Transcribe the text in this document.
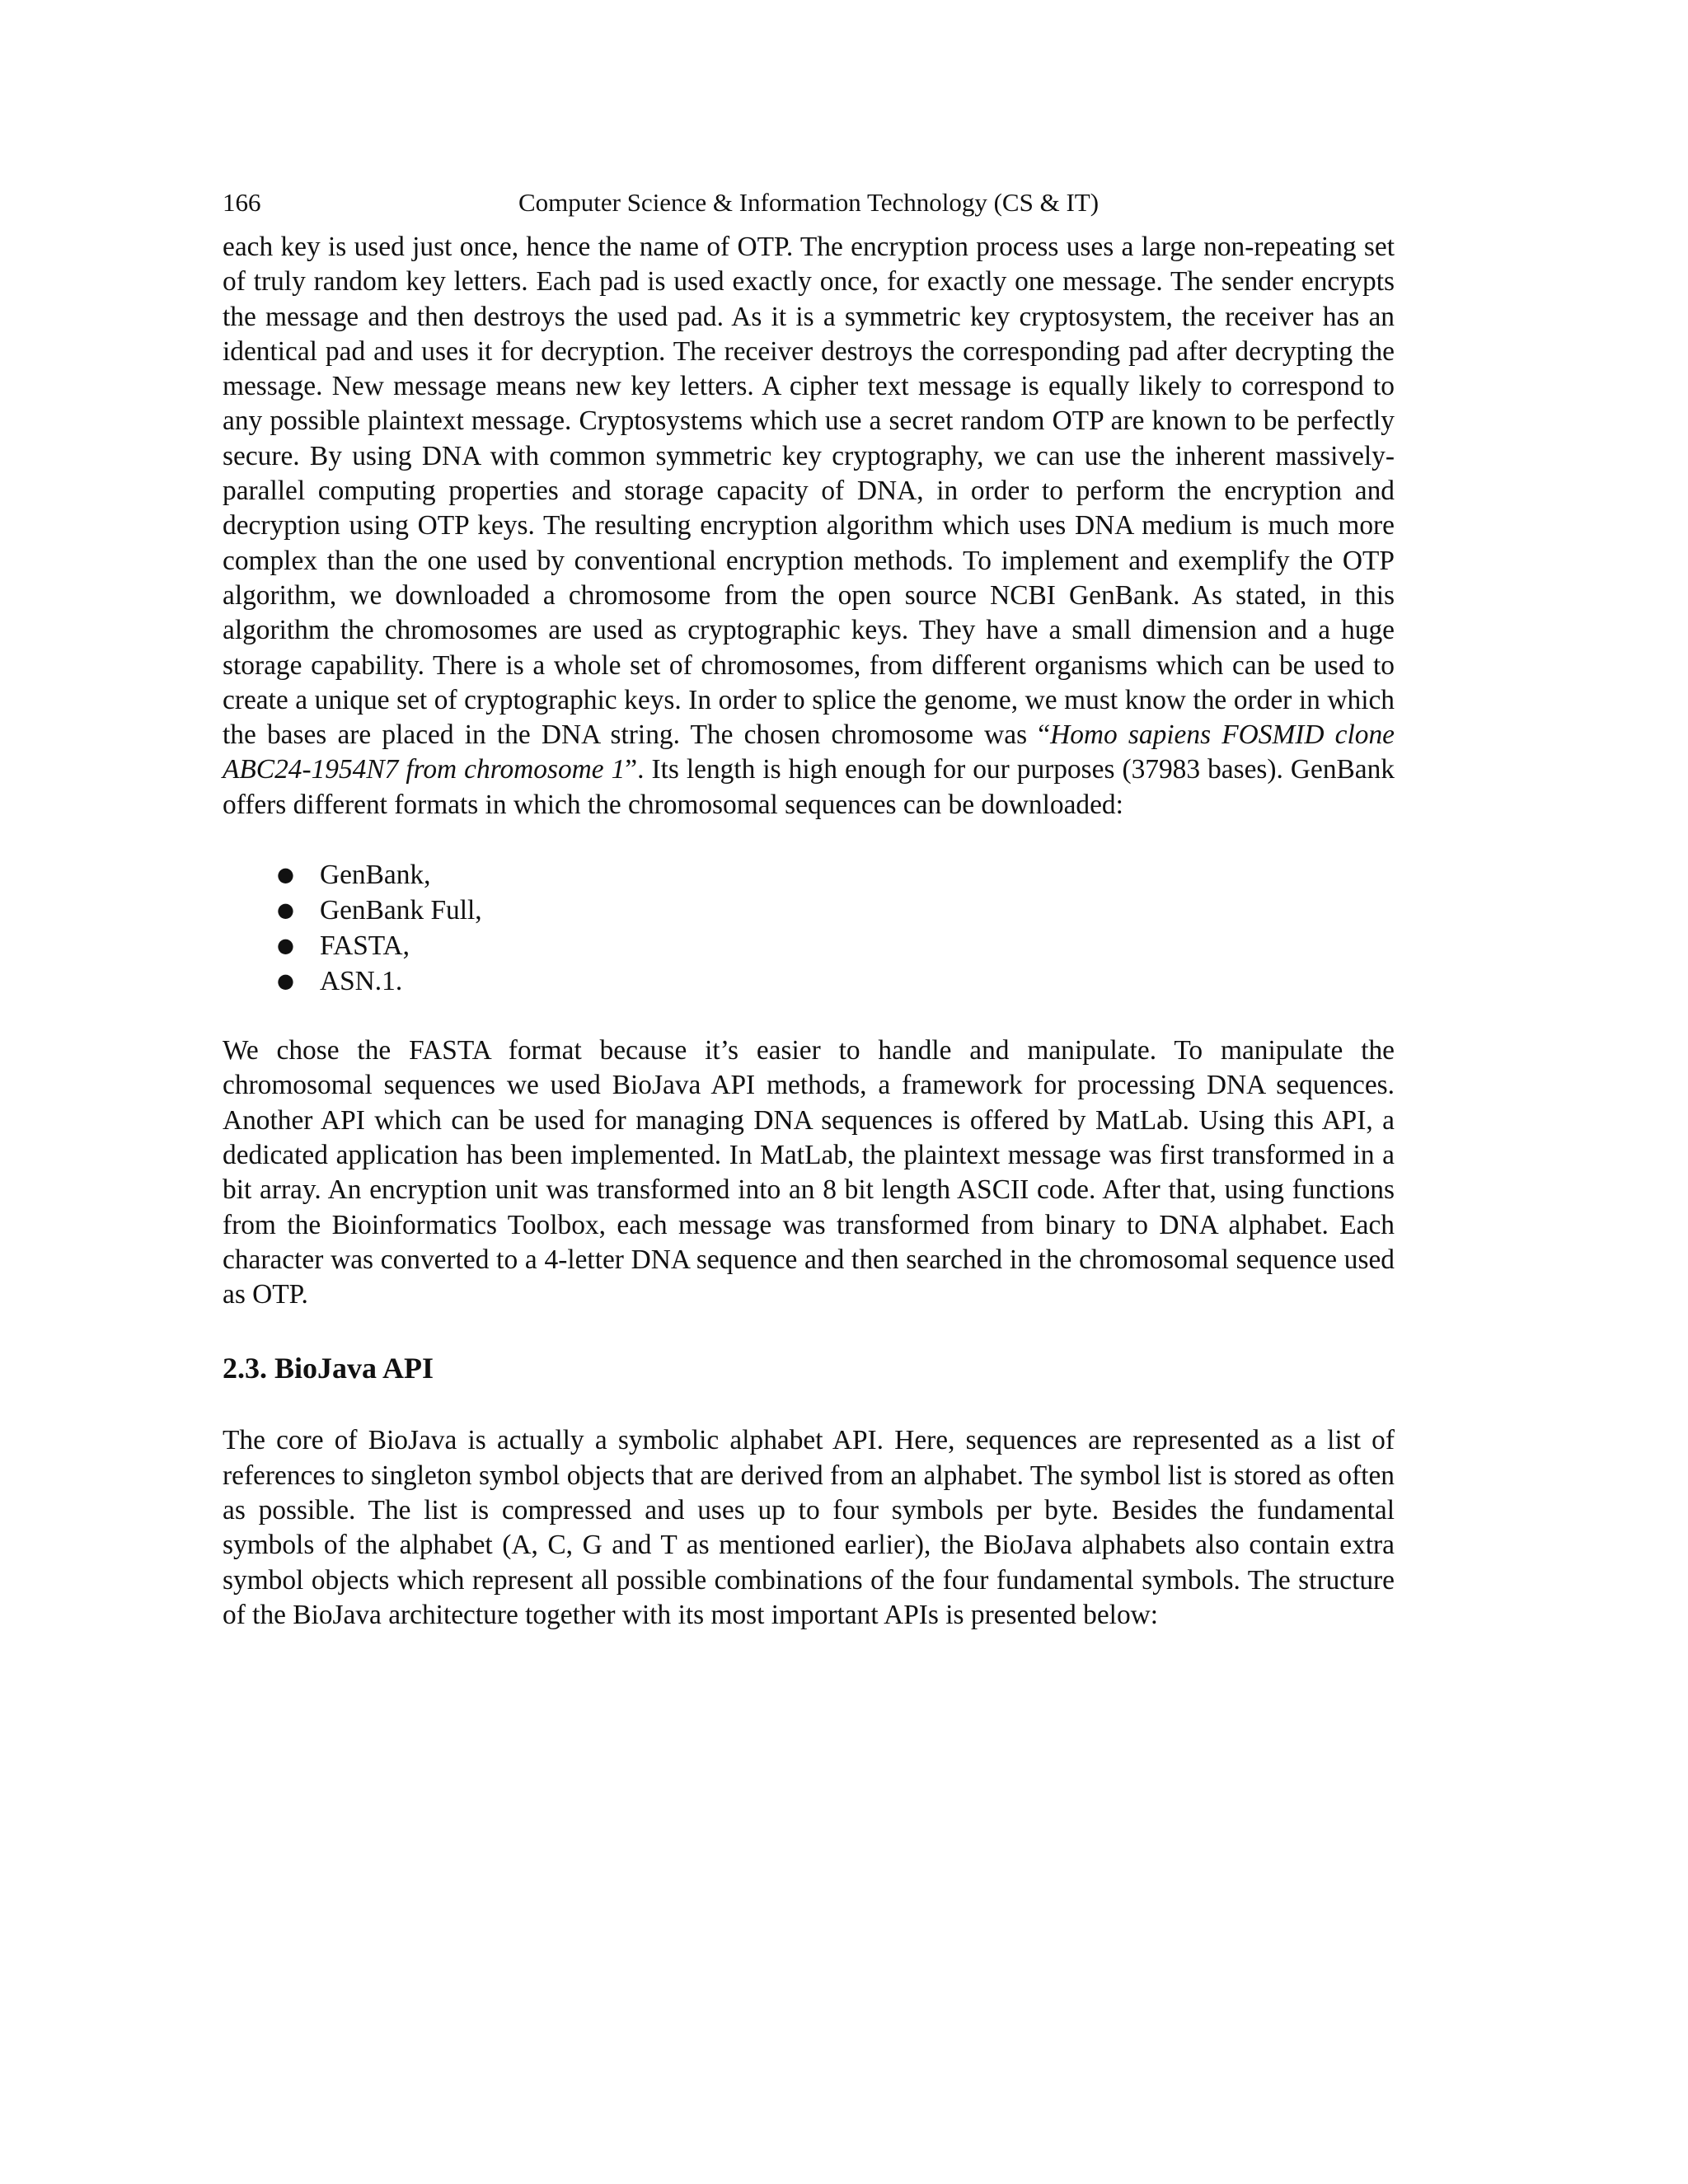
166	Computer Science & Information Technology (CS & IT)

each key is used just once, hence the name of OTP. The encryption process uses a large non-repeating set of truly random key letters. Each pad is used exactly once, for exactly one message. The sender encrypts the message and then destroys the used pad. As it is a symmetric key cryptosystem, the receiver has an identical pad and uses it for decryption. The receiver destroys the corresponding pad after decrypting the message. New message means new key letters. A cipher text message is equally likely to correspond to any possible plaintext message. Cryptosystems which use a secret random OTP are known to be perfectly secure. By using DNA with common symmetric key cryptography, we can use the inherent massively-parallel computing properties and storage capacity of DNA, in order to perform the encryption and decryption using OTP keys. The resulting encryption algorithm which uses DNA medium is much more complex than the one used by conventional encryption methods. To implement and exemplify the OTP algorithm, we downloaded a chromosome from the open source NCBI GenBank. As stated, in this algorithm the chromosomes are used as cryptographic keys. They have a small dimension and a huge storage capability. There is a whole set of chromosomes, from different organisms which can be used to create a unique set of cryptographic keys. In order to splice the genome, we must know the order in which the bases are placed in the DNA string. The chosen chromosome was “Homo sapiens FOSMID clone ABC24-1954N7 from chromosome 1”. Its length is high enough for our purposes (37983 bases). GenBank offers different formats in which the chromosomal sequences can be downloaded:

● GenBank,
● GenBank Full,
● FASTA,
● ASN.1.

We chose the FASTA format because it’s easier to handle and manipulate. To manipulate the chromosomal sequences we used BioJava API methods, a framework for processing DNA sequences. Another API which can be used for managing DNA sequences is offered by MatLab. Using this API, a dedicated application has been implemented. In MatLab, the plaintext message was first transformed in a bit array. An encryption unit was transformed into an 8 bit length ASCII code. After that, using functions from the Bioinformatics Toolbox, each message was transformed from binary to DNA alphabet. Each character was converted to a 4-letter DNA sequence and then searched in the chromosomal sequence used as OTP.

2.3. BioJava API

The core of BioJava is actually a symbolic alphabet API. Here, sequences are represented as a list of references to singleton symbol objects that are derived from an alphabet. The symbol list is stored as often as possible. The list is compressed and uses up to four symbols per byte. Besides the fundamental symbols of the alphabet (A, C, G and T as mentioned earlier), the BioJava alphabets also contain extra symbol objects which represent all possible combinations of the four fundamental symbols. The structure of the BioJava architecture together with its most important APIs is presented below:
